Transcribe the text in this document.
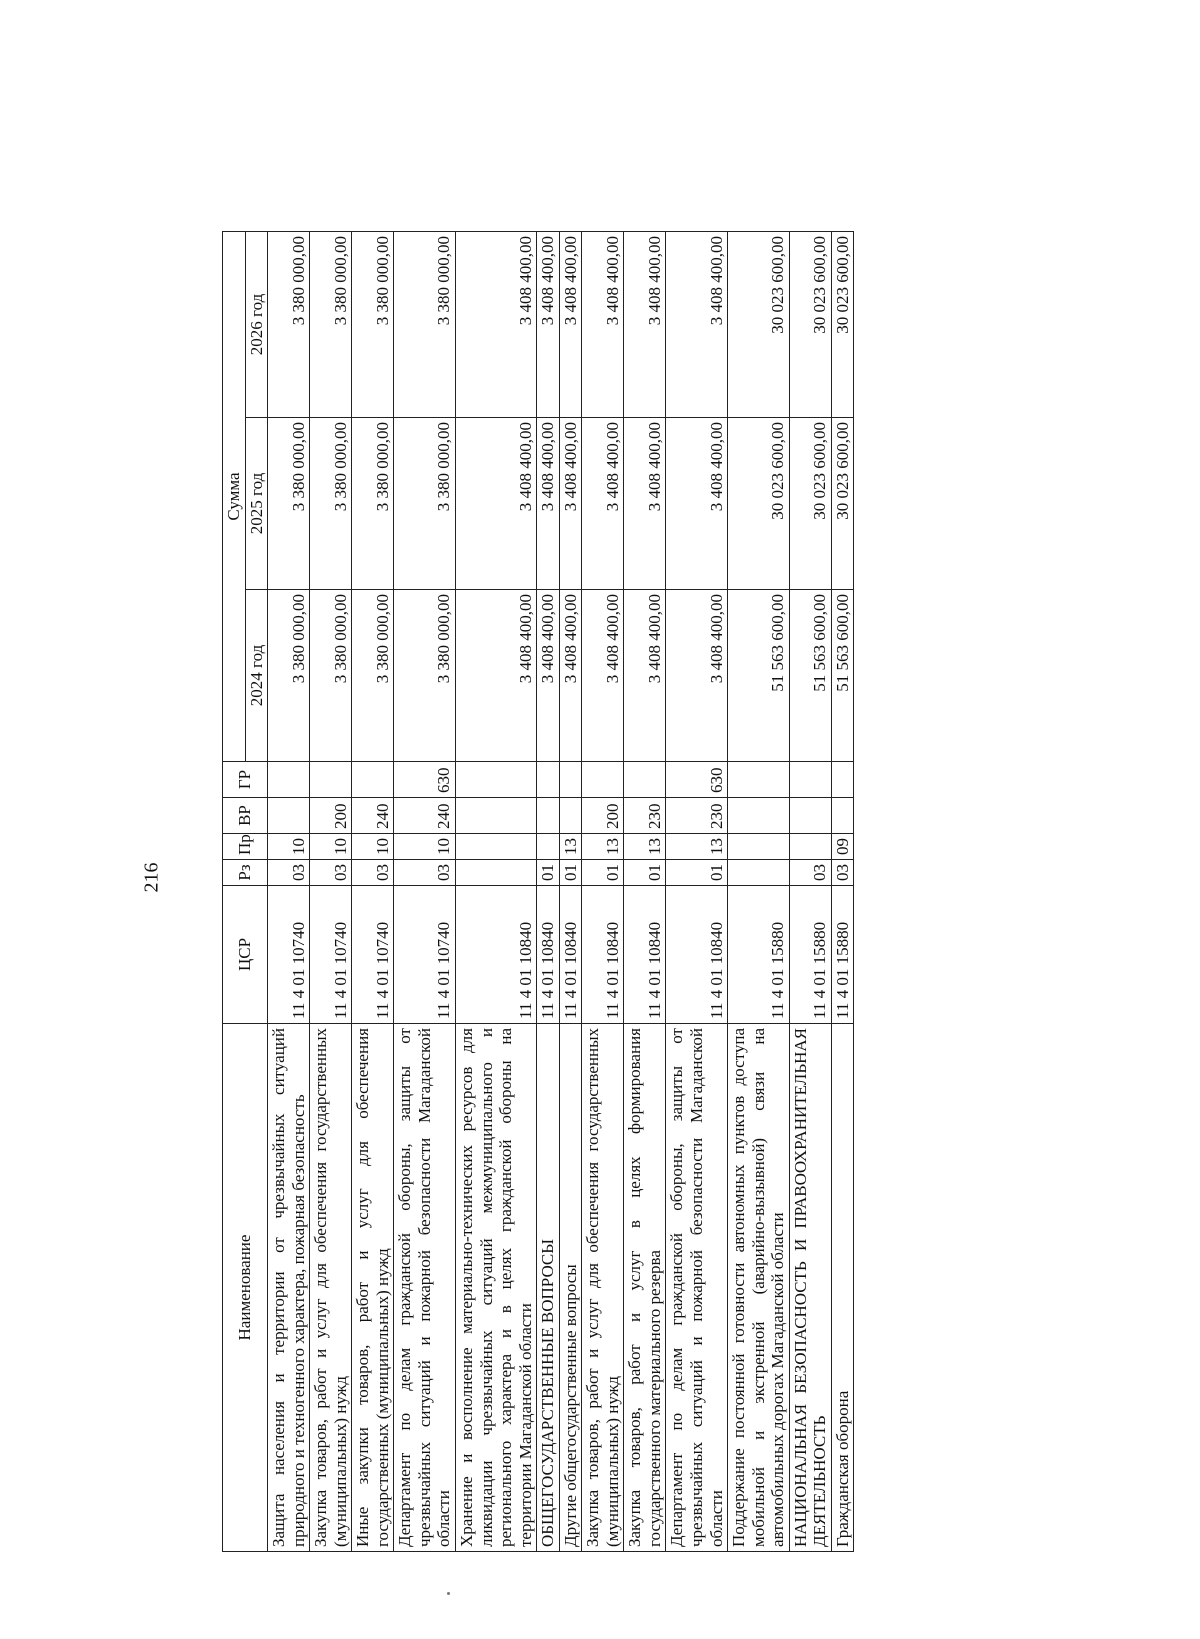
216
Наименование	ЦСР	Рз	Пр	ВР	ГР	Сумма		
						2024 год	2025 год	2026 год
Защита населения и территории от чрезвычайных ситуаций природного и техногенного характера, пожарная безопасность	11 4 01 10740	03	10			3 380 000,00	3 380 000,00	3 380 000,00
Закупка товаров, работ и услуг для обеспечения государственных (муниципальных) нужд	11 4 01 10740	03	10	200		3 380 000,00	3 380 000,00	3 380 000,00
Иные закупки товаров, работ и услуг для обеспечения государственных (муниципальных) нужд	11 4 01 10740	03	10	240		3 380 000,00	3 380 000,00	3 380 000,00
Департамент по делам гражданской обороны, защиты от чрезвычайных ситуаций и пожарной безопасности Магаданской области	11 4 01 10740	03	10	240	630	3 380 000,00	3 380 000,00	3 380 000,00
Хранение и восполнение материально-технических ресурсов для ликвидации чрезвычайных ситуаций межмуниципального и регионального характера и в целях гражданской обороны на территории Магаданской области	11 4 01 10840					3 408 400,00	3 408 400,00	3 408 400,00
ОБЩЕГОСУДАРСТВЕННЫЕ ВОПРОСЫ	11 4 01 10840	01				3 408 400,00	3 408 400,00	3 408 400,00
Другие общегосударственные вопросы	11 4 01 10840	01	13			3 408 400,00	3 408 400,00	3 408 400,00
Закупка товаров, работ и услуг для обеспечения государственных (муниципальных) нужд	11 4 01 10840	01	13	200		3 408 400,00	3 408 400,00	3 408 400,00
Закупка товаров, работ и услуг в целях формирования государственного материального резерва	11 4 01 10840	01	13	230		3 408 400,00	3 408 400,00	3 408 400,00
Департамент по делам гражданской обороны, защиты от чрезвычайных ситуаций и пожарной безопасности Магаданской области	11 4 01 10840	01	13	230	630	3 408 400,00	3 408 400,00	3 408 400,00
Поддержание постоянной готовности автономных пунктов доступа мобильной и экстренной (аварийно-вызывной) связи на автомобильных дорогах Магаданской области	11 4 01 15880					51 563 600,00	30 023 600,00	30 023 600,00
НАЦИОНАЛЬНАЯ БЕЗОПАСНОСТЬ И ПРАВООХРАНИТЕЛЬНАЯ ДЕЯТЕЛЬНОСТЬ	11 4 01 15880	03				51 563 600,00	30 023 600,00	30 023 600,00
Гражданская оборона	11 4 01 15880	03	09			51 563 600,00	30 023 600,00	30 023 600,00
